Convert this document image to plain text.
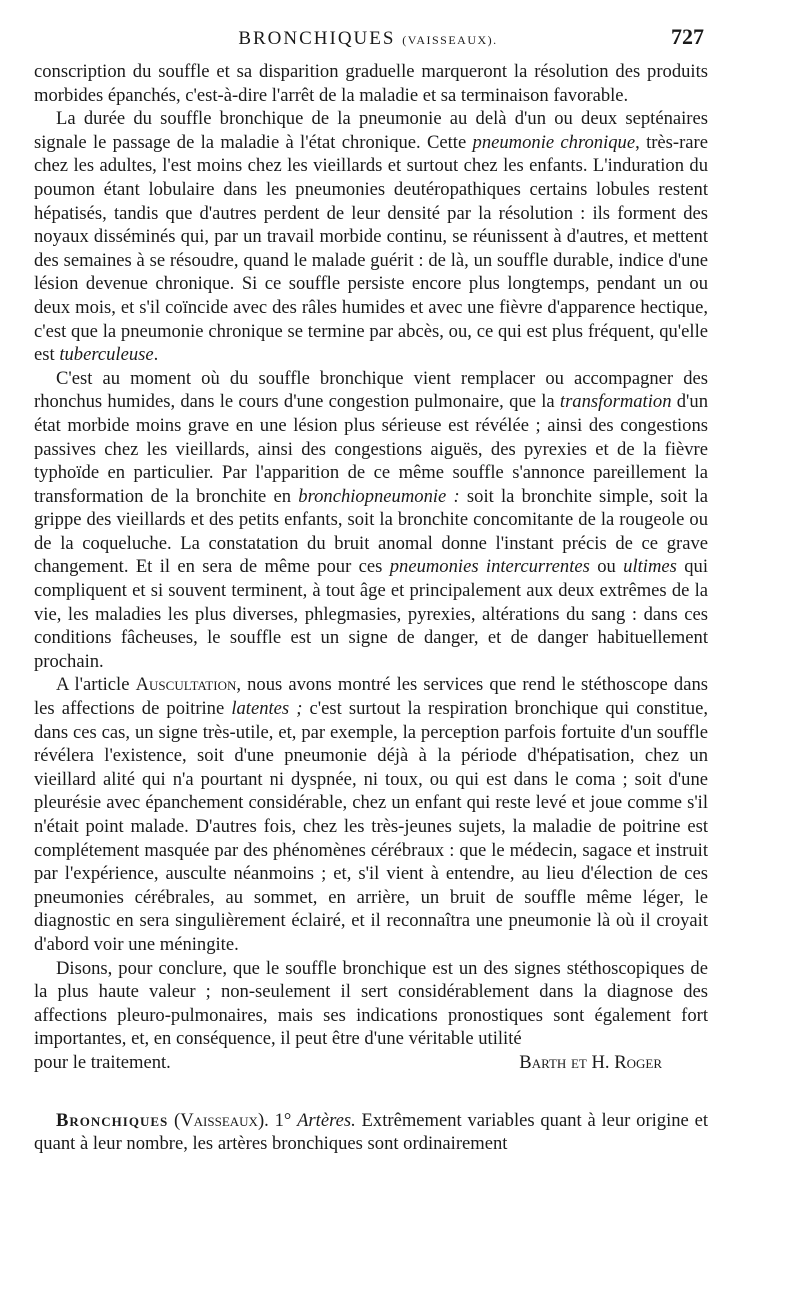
BRONCHIQUES (VAISSEAUX).	727

conscription du souffle et sa disparition graduelle marqueront la résolution des produits morbides épanchés, c'est-à-dire l'arrêt de la maladie et sa terminaison favorable.

La durée du souffle bronchique de la pneumonie au delà d'un ou deux septénaires signale le passage de la maladie à l'état chronique. Cette pneumonie chronique, très-rare chez les adultes, l'est moins chez les vieillards et surtout chez les enfants. L'induration du poumon étant lobulaire dans les pneumonies deutéropathiques certains lobules restent hépatisés, tandis que d'autres perdent de leur densité par la résolution : ils forment des noyaux disséminés qui, par un travail morbide continu, se réunissent à d'autres, et mettent des semaines à se résoudre, quand le malade guérit : de là, un souffle durable, indice d'une lésion devenue chronique. Si ce souffle persiste encore plus longtemps, pendant un ou deux mois, et s'il coïncide avec des râles humides et avec une fièvre d'apparence hectique, c'est que la pneumonie chronique se termine par abcès, ou, ce qui est plus fréquent, qu'elle est tuberculeuse.

C'est au moment où du souffle bronchique vient remplacer ou accompagner des rhonchus humides, dans le cours d'une congestion pulmonaire, que la transformation d'un état morbide moins grave en une lésion plus sérieuse est révélée ; ainsi des congestions passives chez les vieillards, ainsi des congestions aiguës, des pyrexies et de la fièvre typhoïde en particulier. Par l'apparition de ce même souffle s'annonce pareillement la transformation de la bronchite en bronchiopneumonie : soit la bronchite simple, soit la grippe des vieillards et des petits enfants, soit la bronchite concomitante de la rougeole ou de la coqueluche. La constatation du bruit anomal donne l'instant précis de ce grave changement. Et il en sera de même pour ces pneumonies intercurrentes ou ultimes qui compliquent et si souvent terminent, à tout âge et principalement aux deux extrêmes de la vie, les maladies les plus diverses, phlegmasies, pyrexies, altérations du sang : dans ces conditions fâcheuses, le souffle est un signe de danger, et de danger habituellement prochain.

A l'article Auscultation, nous avons montré les services que rend le stéthoscope dans les affections de poitrine latentes ; c'est surtout la respiration bronchique qui constitue, dans ces cas, un signe très-utile, et, par exemple, la perception parfois fortuite d'un souffle révélera l'existence, soit d'une pneumonie déjà à la période d'hépatisation, chez un vieillard alité qui n'a pourtant ni dyspnée, ni toux, ou qui est dans le coma ; soit d'une pleurésie avec épanchement considérable, chez un enfant qui reste levé et joue comme s'il n'était point malade. D'autres fois, chez les très-jeunes sujets, la maladie de poitrine est complétement masquée par des phénomènes cérébraux : que le médecin, sagace et instruit par l'expérience, ausculte néanmoins ; et, s'il vient à entendre, au lieu d'élection de ces pneumonies cérébrales, au sommet, en arrière, un bruit de souffle même léger, le diagnostic en sera singulièrement éclairé, et il reconnaîtra une pneumonie là où il croyait d'abord voir une méningite.

Disons, pour conclure, que le souffle bronchique est un des signes stéthoscopiques de la plus haute valeur ; non-seulement il sert considérablement dans la diagnose des affections pleuro-pulmonaires, mais ses indications pronostiques sont également fort importantes, et, en conséquence, il peut être d'une véritable utilité

pour le traitement.	Barth et H. Roger

Bronchiques (Vaisseaux). 1° Artères. Extrêmement variables quant à leur origine et quant à leur nombre, les artères bronchiques sont ordinairement
